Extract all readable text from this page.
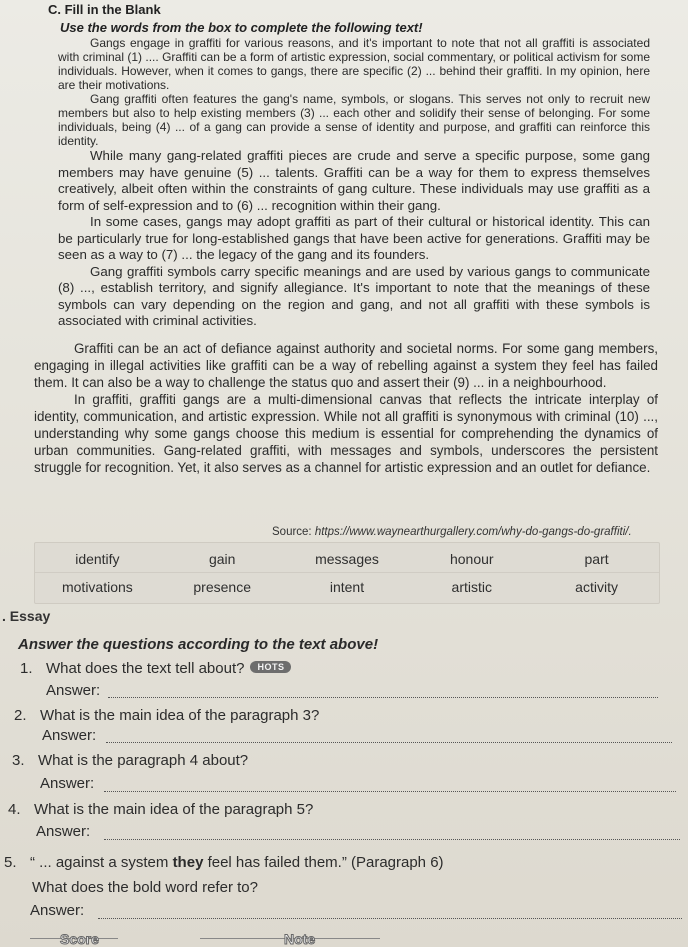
C. Fill in the Blank
Use the words from the box to complete the following text!

Gangs engage in graffiti for various reasons, and it's important to note that not all graffiti is associated with criminal (1) .... Graffiti can be a form of artistic expression, social commentary, or political activism for some individuals. However, when it comes to gangs, there are specific (2) ... behind their graffiti. In my opinion, here are their motivations.

Gang graffiti often features the gang's name, symbols, or slogans. This serves not only to recruit new members but also to help existing members (3) ... each other and solidify their sense of belonging. For some individuals, being (4) ... of a gang can provide a sense of identity and purpose, and graffiti can reinforce this identity.

While many gang-related graffiti pieces are crude and serve a specific purpose, some gang members may have genuine (5) ... talents. Graffiti can be a way for them to express themselves creatively, albeit often within the constraints of gang culture. These individuals may use graffiti as a form of self-expression and to (6) ... recognition within their gang.

In some cases, gangs may adopt graffiti as part of their cultural or historical identity. This can be particularly true for long-established gangs that have been active for generations. Graffiti may be seen as a way to (7) ... the legacy of the gang and its founders.

Gang graffiti symbols carry specific meanings and are used by various gangs to communicate (8) ..., establish territory, and signify allegiance. It's important to note that the meanings of these symbols can vary depending on the region and gang, and not all graffiti with these symbols is associated with criminal activities.

Graffiti can be an act of defiance against authority and societal norms. For some gang members, engaging in illegal activities like graffiti can be a way of rebelling against a system they feel has failed them. It can also be a way to challenge the status quo and assert their (9) ... in a neighbourhood.

In graffiti, graffiti gangs are a multi-dimensional canvas that reflects the intricate interplay of identity, communication, and artistic expression. While not all graffiti is synonymous with criminal (10) ..., understanding why some gangs choose this medium is essential for comprehending the dynamics of urban communities. Gang-related graffiti, with messages and symbols, underscores the persistent struggle for recognition. Yet, it also serves as a channel for artistic expression and an outlet for defiance.

Source: https://www.waynearthurgallery.com/why-do-gangs-do-graffiti/.
identify	gain	messages	honour	part
motivations	presence	intent	artistic	activity
. Essay
Answer the questions according to the text above!
1. What does the text tell about? HOTS
Answer:
2. What is the main idea of the paragraph 3?
Answer:
3. What is the paragraph 4 about?
Answer:
4. What is the main idea of the paragraph 5?
Answer:
5. “ ... against a system they feel has failed them.” (Paragraph 6)
What does the bold word refer to?
Answer:
Score	Note
